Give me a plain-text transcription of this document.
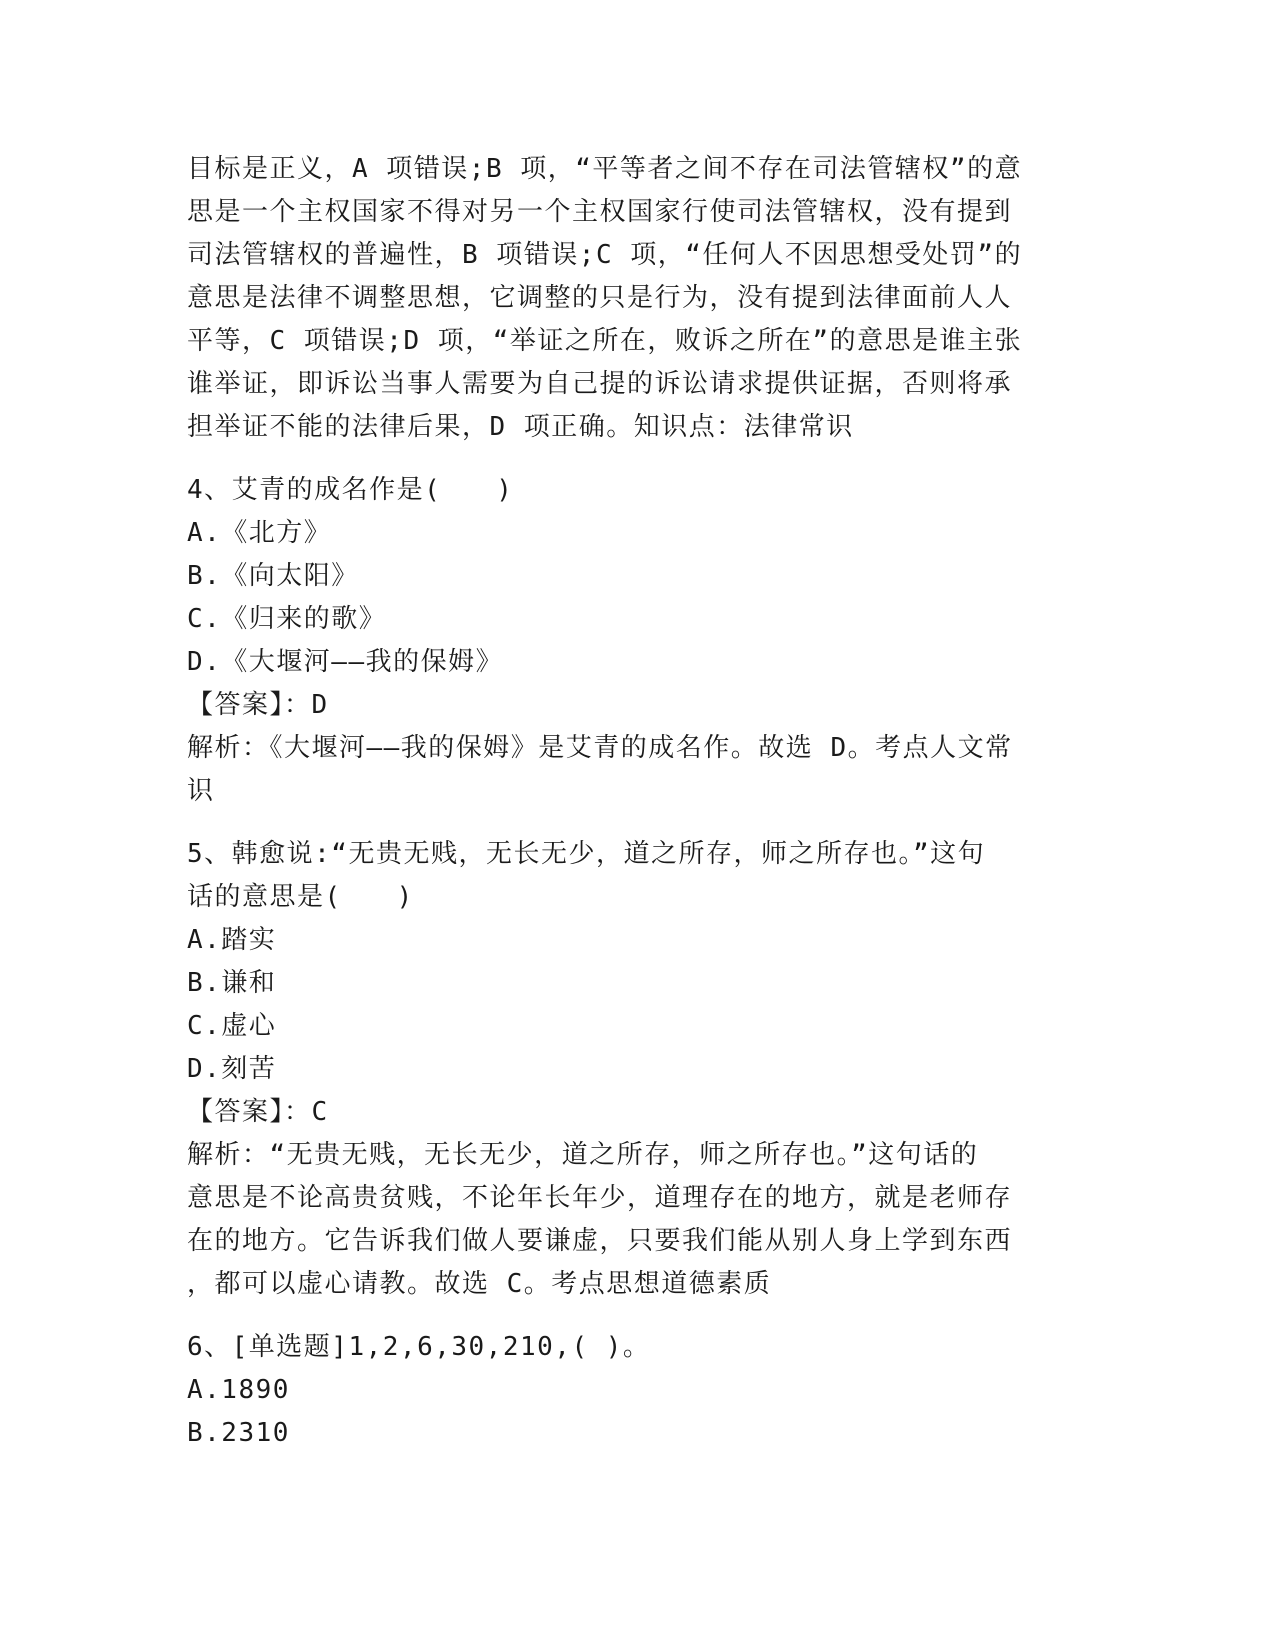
目标是正义，A 项错误;B 项，“平等者之间不存在司法管辖权”的意
思是一个主权国家不得对另一个主权国家行使司法管辖权，没有提到
司法管辖权的普遍性，B 项错误;C 项，“任何人不因思想受处罚”的
意思是法律不调整思想，它调整的只是行为，没有提到法律面前人人
平等，C 项错误;D 项，“举证之所在，败诉之所在”的意思是谁主张
谁举证，即诉讼当事人需要为自己提的诉讼请求提供证据，否则将承
担举证不能的法律后果，D 项正确。知识点：法律常识
4、艾青的成名作是(　　)
A.《北方》
B.《向太阳》
C.《归来的歌》
D.《大堰河——我的保姆》
【答案】：D
解析：《大堰河——我的保姆》是艾青的成名作。故选 D。考点人文常
识
5、韩愈说:“无贵无贱，无长无少，道之所存，师之所存也。”这句
话的意思是(　　)
A.踏实
B.谦和
C.虚心
D.刻苦
【答案】：C
解析：“无贵无贱，无长无少，道之所存，师之所存也。”这句话的
意思是不论高贵贫贱，不论年长年少，道理存在的地方，就是老师存
在的地方。它告诉我们做人要谦虚，只要我们能从别人身上学到东西
，都可以虚心请教。故选 C。考点思想道德素质
6、[单选题]1,2,6,30,210,( )。
A.1890
B.2310
